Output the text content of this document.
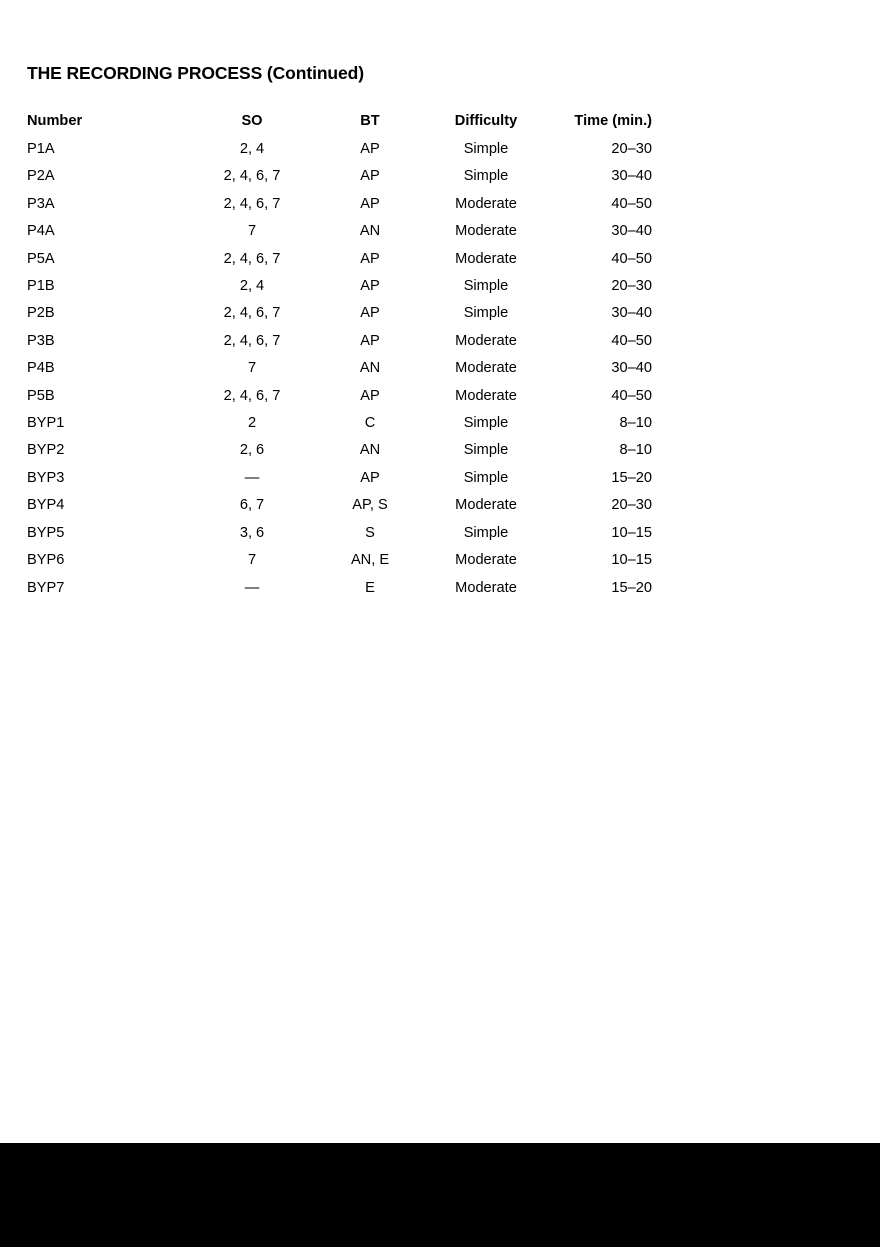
THE RECORDING PROCESS (Continued)
Number	SO	BT	Difficulty	Time (min.)
P1A	2, 4	AP	Simple	20–30
P2A	2, 4, 6, 7	AP	Simple	30–40
P3A	2, 4, 6, 7	AP	Moderate	40–50
P4A	7	AN	Moderate	30–40
P5A	2, 4, 6, 7	AP	Moderate	40–50
P1B	2, 4	AP	Simple	20–30
P2B	2, 4, 6, 7	AP	Simple	30–40
P3B	2, 4, 6, 7	AP	Moderate	40–50
P4B	7	AN	Moderate	30–40
P5B	2, 4, 6, 7	AP	Moderate	40–50
BYP1	2	C	Simple	8–10
BYP2	2, 6	AN	Simple	8–10
BYP3	—	AP	Simple	15–20
BYP4	6, 7	AP, S	Moderate	20–30
BYP5	3, 6	S	Simple	10–15
BYP6	7	AN, E	Moderate	10–15
BYP7	—	E	Moderate	15–20
